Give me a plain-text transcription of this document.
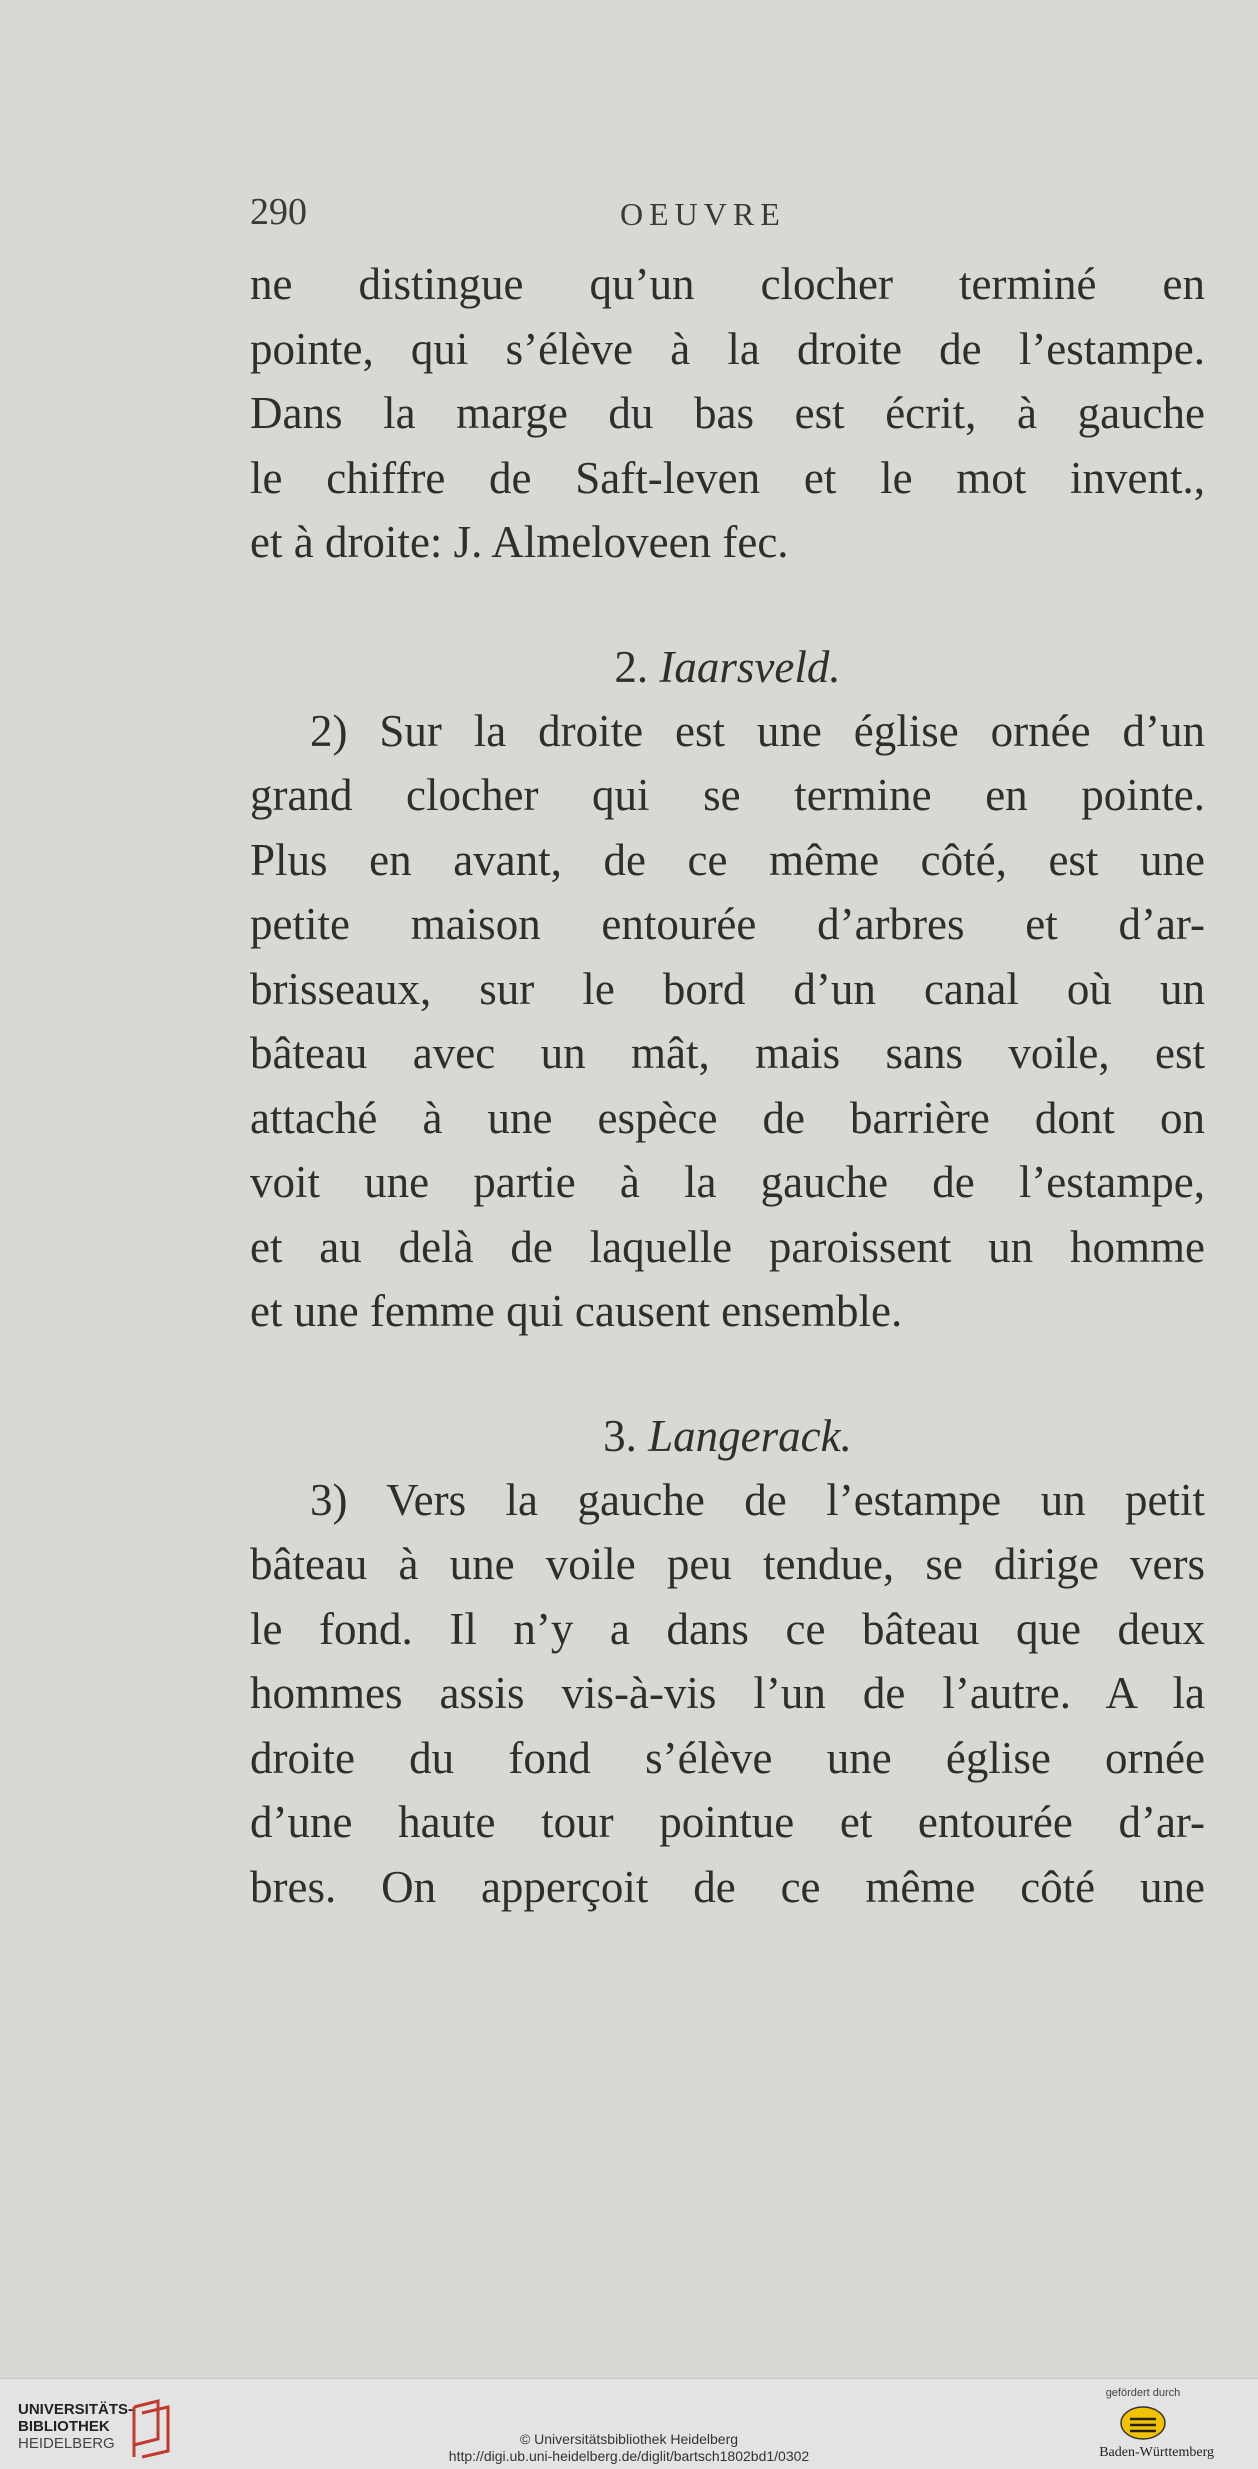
290	OEUVRE
ne distingue qu’un clocher terminé en
pointe, qui s’élève à la droite de l’estampe.
Dans la marge du bas est écrit, à gauche
le chiffre de Saft-leven et le mot invent.,
et à droite: J. Almeloveen fec.
2. Iaarsveld.
2) Sur la droite est une église ornée d’un
grand clocher qui se termine en pointe.
Plus en avant, de ce même côté, est une
petite maison entourée d’arbres et d’ar-
brisseaux, sur le bord d’un canal où un
bâteau avec un mât, mais sans voile, est
attaché à une espèce de barrière dont on
voit une partie à la gauche de l’estampe,
et au delà de laquelle paroissent un homme
et une femme qui causent ensemble.
3. Langerack.
3) Vers la gauche de l’estampe un petit
bâteau à une voile peu tendue, se dirige vers
le fond. Il n’y a dans ce bâteau que deux
hommes assis vis-à-vis l’un de l’autre. A la
droite du fond s’élève une église ornée
d’une haute tour pointue et entourée d’ar-
bres. On apperçoit de ce même côté une
UNIVERSITÄTS-
BIBLIOTHEK
HEIDELBERG	© Universitätsbibliothek Heidelberg
http://digi.ub.uni-heidelberg.de/diglit/bartsch1802bd1/0302
gefördert durch
Baden-Württemberg
